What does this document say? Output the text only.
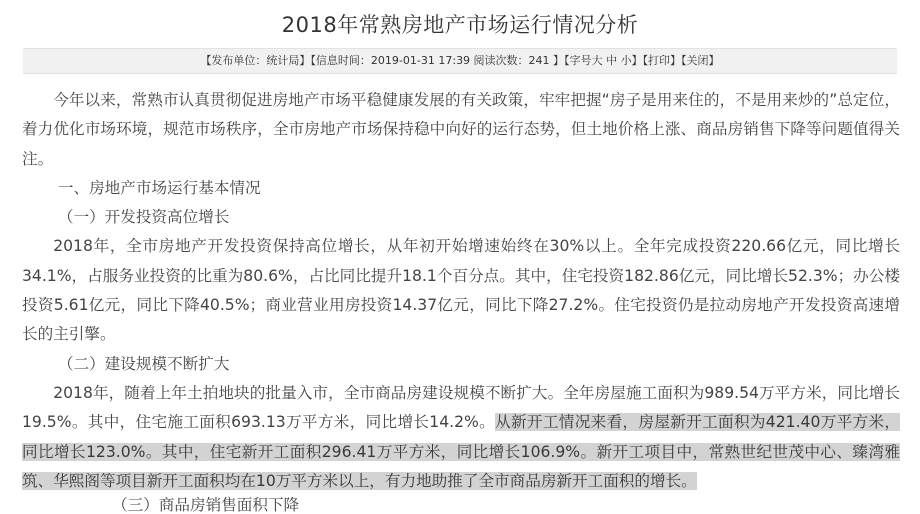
2018年常熟房地产市场运行情况分析
【发布单位：统计局】【信息时间：2019-01-31 17:39 阅读次数：241 】【字号大 中 小】【打印】【关闭】

今年以来，常熟市认真贯彻促进房地产市场平稳健康发展的有关政策，牢牢把握“房子是用来住的，不是用来炒的”总定位，着力优化市场环境，规范市场秩序，全市房地产市场保持稳中向好的运行态势，但土地价格上涨、商品房销售下降等问题值得关注。

一、房地产市场运行基本情况

（一）开发投资高位增长

2018年，全市房地产开发投资保持高位增长，从年初开始增速始终在30%以上。全年完成投资220.66亿元，同比增长34.1%，占服务业投资的比重为80.6%，占比同比提升18.1个百分点。其中，住宅投资182.86亿元，同比增长52.3%；办公楼投资5.61亿元，同比下降40.5%；商业营业用房投资14.37亿元，同比下降27.2%。住宅投资仍是拉动房地产开发投资高速增长的主引擎。

（二）建设规模不断扩大

2018年，随着上年土拍地块的批量入市，全市商品房建设规模不断扩大。全年房屋施工面积为989.54万平方米，同比增长19.5%。其中，住宅施工面积693.13万平方米，同比增长14.2%。从新开工情况来看，房屋新开工面积为421.40万平方米，同比增长123.0%。其中，住宅新开工面积296.41万平方米，同比增长106.9%。新开工项目中，常熟世纪世茂中心、臻湾雅筑、华熙阁等项目新开工面积均在10万平方米以上，有力地助推了全市商品房新开工面积的增长。

（三）商品房销售面积下降
